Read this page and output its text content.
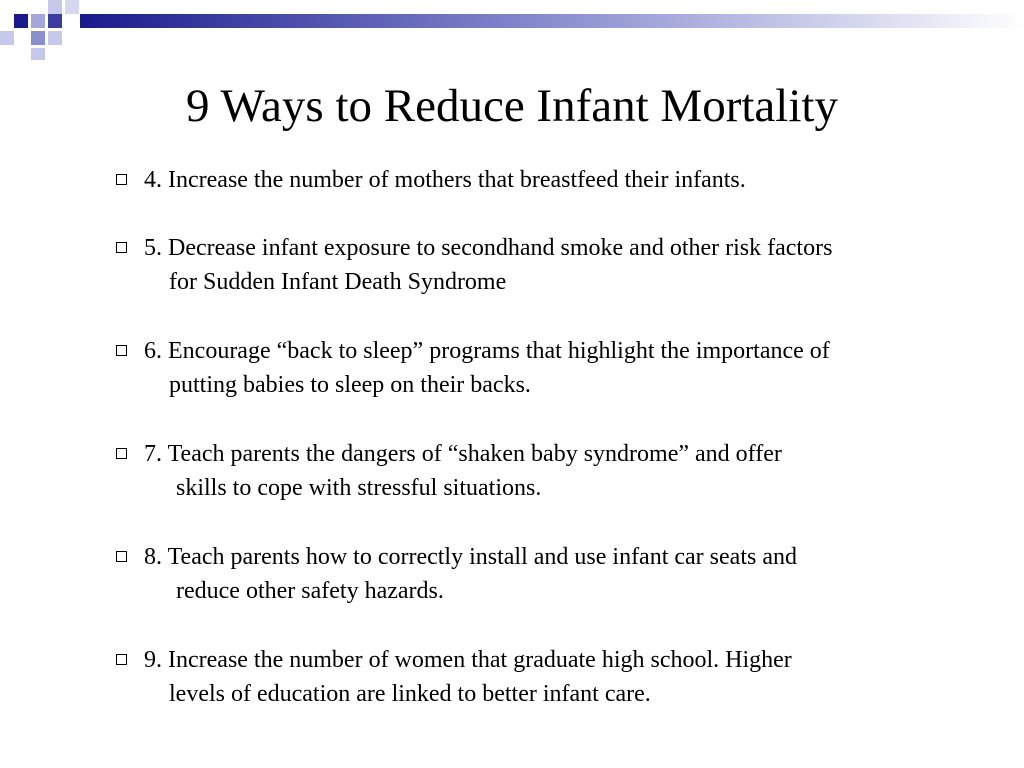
9 Ways to Reduce Infant Mortality
4. Increase the number of mothers that breastfeed their infants.
5. Decrease infant exposure to secondhand smoke and other risk factors
for Sudden Infant Death Syndrome
6. Encourage “back to sleep” programs that highlight the importance of
putting babies to sleep on their backs.
7. Teach parents the dangers of “shaken baby syndrome” and offer
skills to cope with stressful situations.
8. Teach parents how to correctly install and use infant car seats and
reduce other safety hazards.
9. Increase the number of women that graduate high school. Higher
levels of education are linked to better infant care.
